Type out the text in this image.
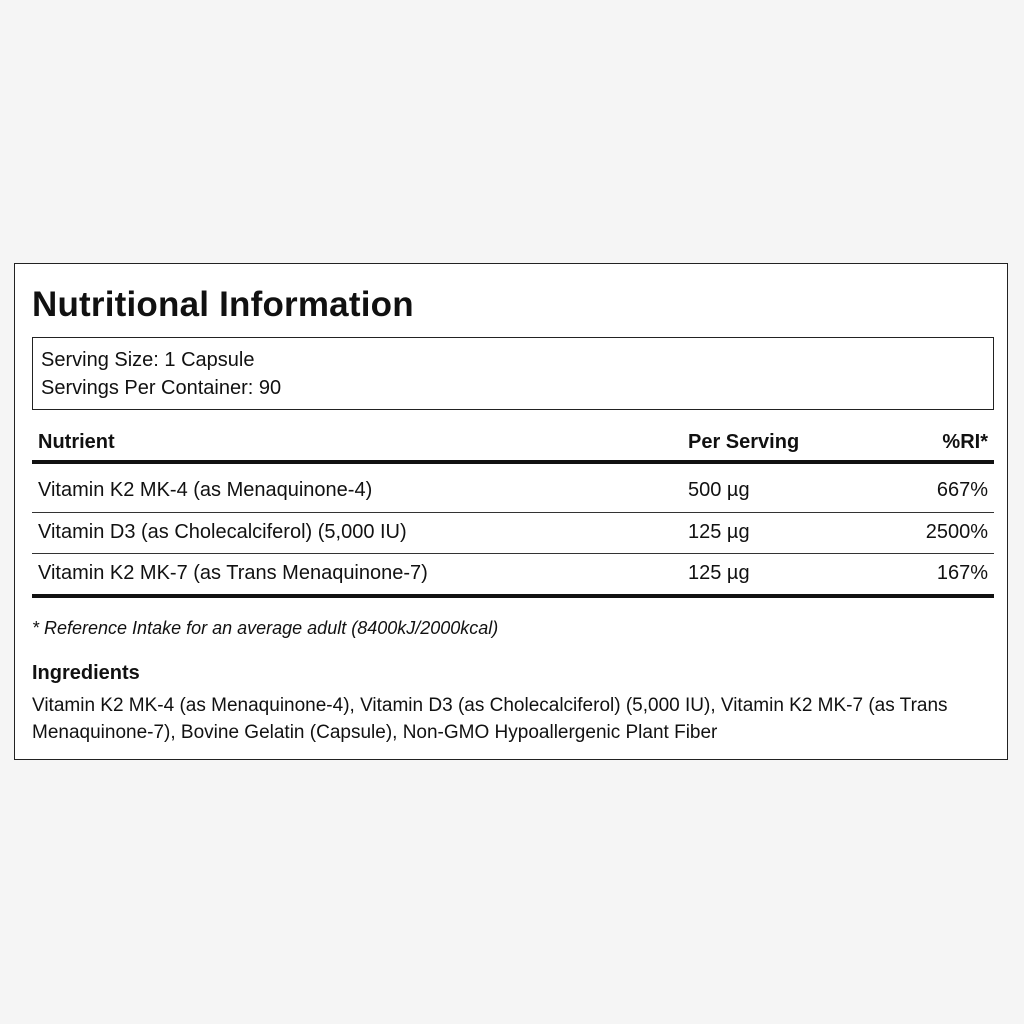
Nutritional Information
Serving Size: 1 Capsule
Servings Per Container: 90
Nutrient	Per Serving	%RI*
Vitamin K2 MK-4 (as Menaquinone-4)	500 µg	667%
Vitamin D3 (as Cholecalciferol) (5,000 IU)	125 µg	2500%
Vitamin K2 MK-7 (as Trans Menaquinone-7)	125 µg	167%
* Reference Intake for an average adult (8400kJ/2000kcal)
Ingredients

Vitamin K2 MK-4 (as Menaquinone-4), Vitamin D3 (as Cholecalciferol) (5,000 IU), Vitamin K2 MK-7 (as Trans Menaquinone-7), Bovine Gelatin (Capsule), Non-GMO Hypoallergenic Plant Fiber
